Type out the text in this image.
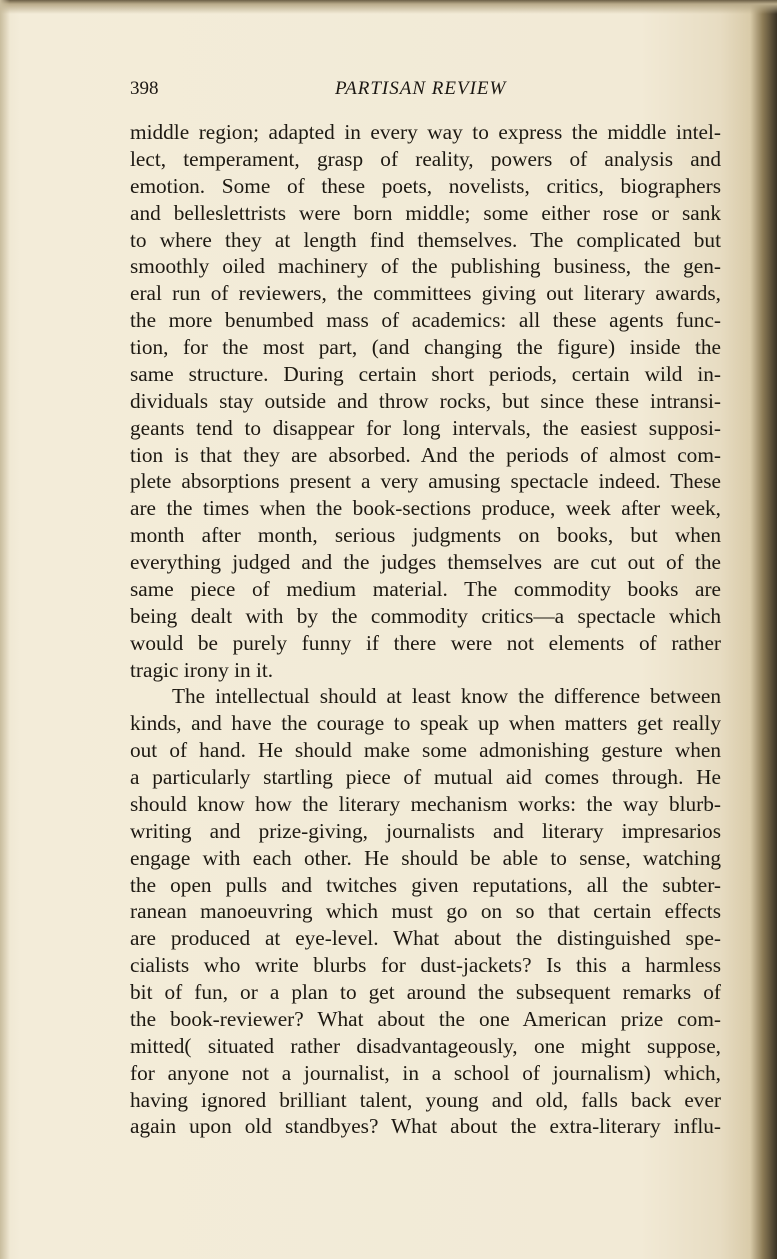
398	PARTISAN REVIEW
middle region; adapted in every way to express the middle intel-
lect, temperament, grasp of reality, powers of analysis and
emotion. Some of these poets, novelists, critics, biographers
and belleslettrists were born middle; some either rose or sank
to where they at length find themselves. The complicated but
smoothly oiled machinery of the publishing business, the gen-
eral run of reviewers, the committees giving out literary awards,
the more benumbed mass of academics: all these agents func-
tion, for the most part, (and changing the figure) inside the
same structure. During certain short periods, certain wild in-
dividuals stay outside and throw rocks, but since these intransi-
geants tend to disappear for long intervals, the easiest supposi-
tion is that they are absorbed. And the periods of almost com-
plete absorptions present a very amusing spectacle indeed. These
are the times when the book-sections produce, week after week,
month after month, serious judgments on books, but when
everything judged and the judges themselves are cut out of the
same piece of medium material. The commodity books are
being dealt with by the commodity critics—a spectacle which
would be purely funny if there were not elements of rather
tragic irony in it.
The intellectual should at least know the difference between
kinds, and have the courage to speak up when matters get really
out of hand. He should make some admonishing gesture when
a particularly startling piece of mutual aid comes through. He
should know how the literary mechanism works: the way blurb-
writing and prize-giving, journalists and literary impresarios
engage with each other. He should be able to sense, watching
the open pulls and twitches given reputations, all the subter-
ranean manoeuvring which must go on so that certain effects
are produced at eye-level. What about the distinguished spe-
cialists who write blurbs for dust-jackets? Is this a harmless
bit of fun, or a plan to get around the subsequent remarks of
the book-reviewer? What about the one American prize com-
mitted( situated rather disadvantageously, one might suppose,
for anyone not a journalist, in a school of journalism) which,
having ignored brilliant talent, young and old, falls back ever
again upon old standbyes? What about the extra-literary influ-
